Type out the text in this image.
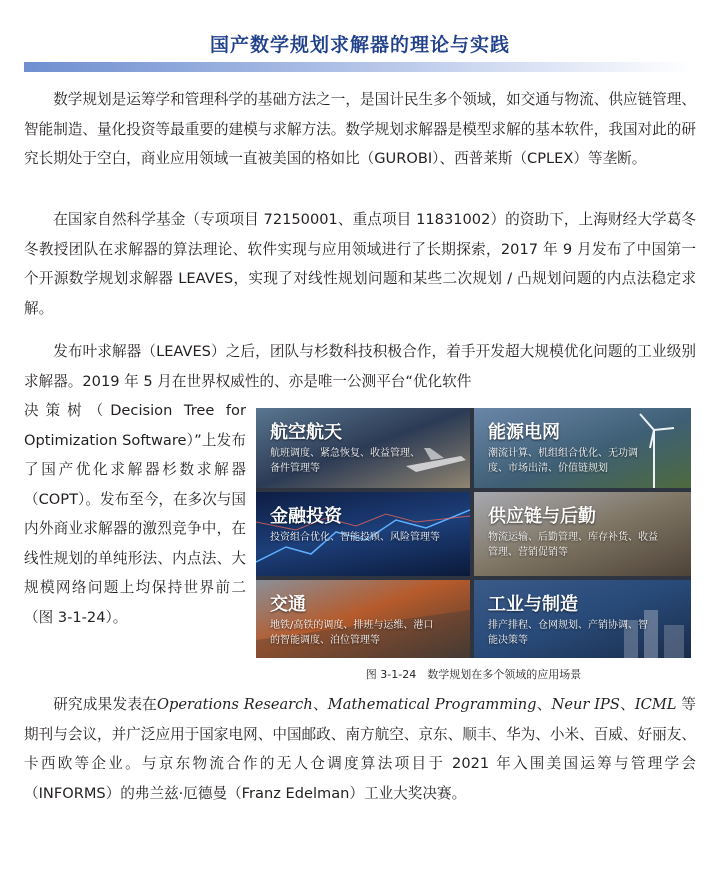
国产数学规划求解器的理论与实践

数学规划是运筹学和管理科学的基础方法之一，是国计民生多个领域，如交通与物流、供应链管理、智能制造、量化投资等最重要的建模与求解方法。数学规划求解器是模型求解的基本软件，我国对此的研究长期处于空白，商业应用领域一直被美国的格如比（GUROBI）、西普莱斯（CPLEX）等垄断。

在国家自然科学基金（专项项目 72150001、重点项目 11831002）的资助下，上海财经大学葛冬冬教授团队在求解器的算法理论、软件实现与应用领域进行了长期探索，2017 年 9 月发布了中国第一个开源数学规划求解器 LEAVES，实现了对线性规划问题和某些二次规划 / 凸规划问题的内点法稳定求解。

发布叶求解器（LEAVES）之后，团队与杉数科技积极合作，着手开发超大规模优化问题的工业级别求解器。2019 年 5 月在世界权威性的、亦是唯一公测平台“优化软件

决策树（Decision Tree for Optimization Software）”上发布了国产优化求解器杉数求解器（COPT）。发布至今，在多次与国内外商业求解器的激烈竞争中，在线性规划的单纯形法、内点法、大规模网络问题上均保持世界前二（图 3-1-24）。
航空航天
航班调度、紧急恢复、收益管理、备件管理等
能源电网
潮流计算、机组组合优化、无功调度、市场出清、价值链规划
金融投资
投资组合优化、智能投顾、风险管理等
供应链与后勤
物流运输、后勤管理、库存补货、收益管理、营销促销等
交通
地铁/高铁的调度、排班与运维、港口的智能调度、泊位管理等
工业与制造
排产排程、仓网规划、产销协调、智能决策等
图 3-1-24　数学规划在多个领域的应用场景

研究成果发表在Operations Research、Mathematical Programming、Neur IPS、ICML 等期刊与会议，并广泛应用于国家电网、中国邮政、南方航空、京东、顺丰、华为、小米、百威、好丽友、卡西欧等企业。与京东物流合作的无人仓调度算法项目于 2021 年入围美国运筹与管理学会（INFORMS）的弗兰兹·厄德曼（Franz Edelman）工业大奖决赛。
